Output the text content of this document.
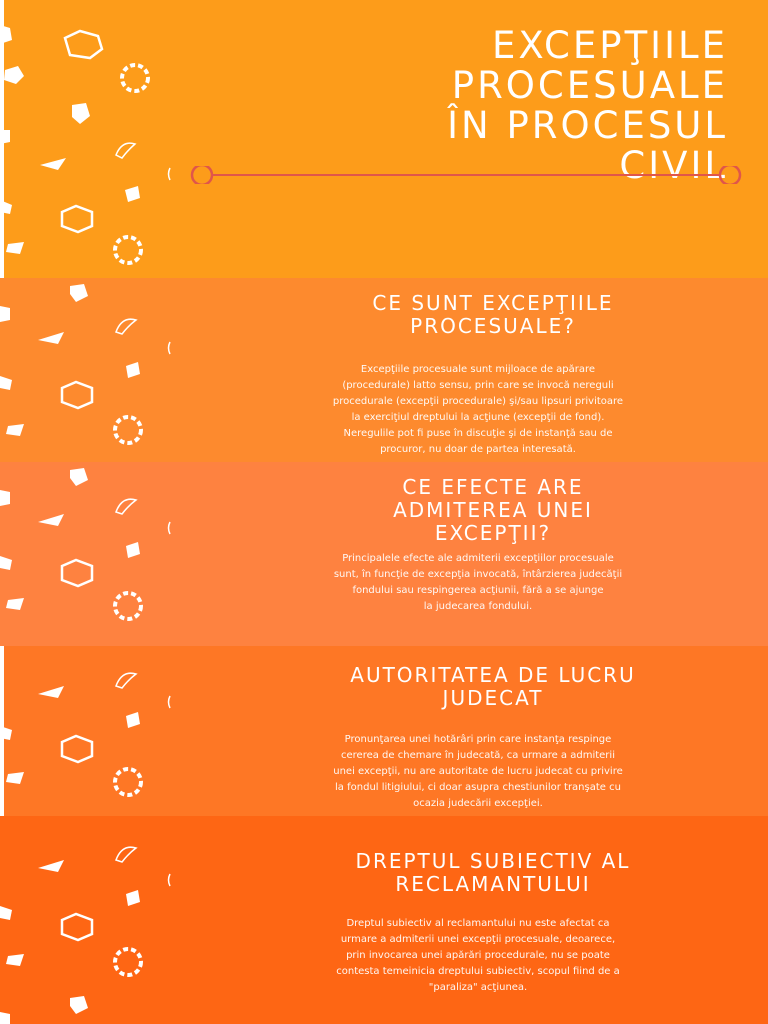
EXCEPŢIILE
PROCESUALE
ÎN PROCESUL
CIVIL
CE SUNT EXCEPŢIILE
PROCESUALE?
Excepţiile procesuale sunt mijloace de apărare
(procedurale) latto sensu, prin care se invocă nereguli
procedurale (excepţii procedurale) şi/sau lipsuri privitoare
la exerciţiul dreptului la acţiune (excepţii de fond).
Neregulile pot fi puse în discuţie şi de instanţă sau de
procuror, nu doar de partea interesată.
CE EFECTE ARE
ADMITEREA UNEI
EXCEPŢII?
Principalele efecte ale admiterii excepţiilor procesuale
sunt, în funcţie de excepţia invocată, întârzierea judecăţii
fondului sau respingerea acţiunii, fără a se ajunge
la judecarea fondului.
AUTORITATEA DE LUCRU
JUDECAT
Pronunţarea unei hotărâri prin care instanţa respinge
cererea de chemare în judecată, ca urmare a admiterii
unei excepţii, nu are autoritate de lucru judecat cu privire
la fondul litigiului, ci doar asupra chestiunilor tranşate cu
ocazia judecării excepţiei.
DREPTUL SUBIECTIV AL
RECLAMANTULUI
Dreptul subiectiv al reclamantului nu este afectat ca
urmare a admiterii unei excepţii procesuale, deoarece,
prin invocarea unei apărări procedurale, nu se poate
contesta temeinicia dreptului subiectiv, scopul fiind de a
"paraliza" acţiunea.
